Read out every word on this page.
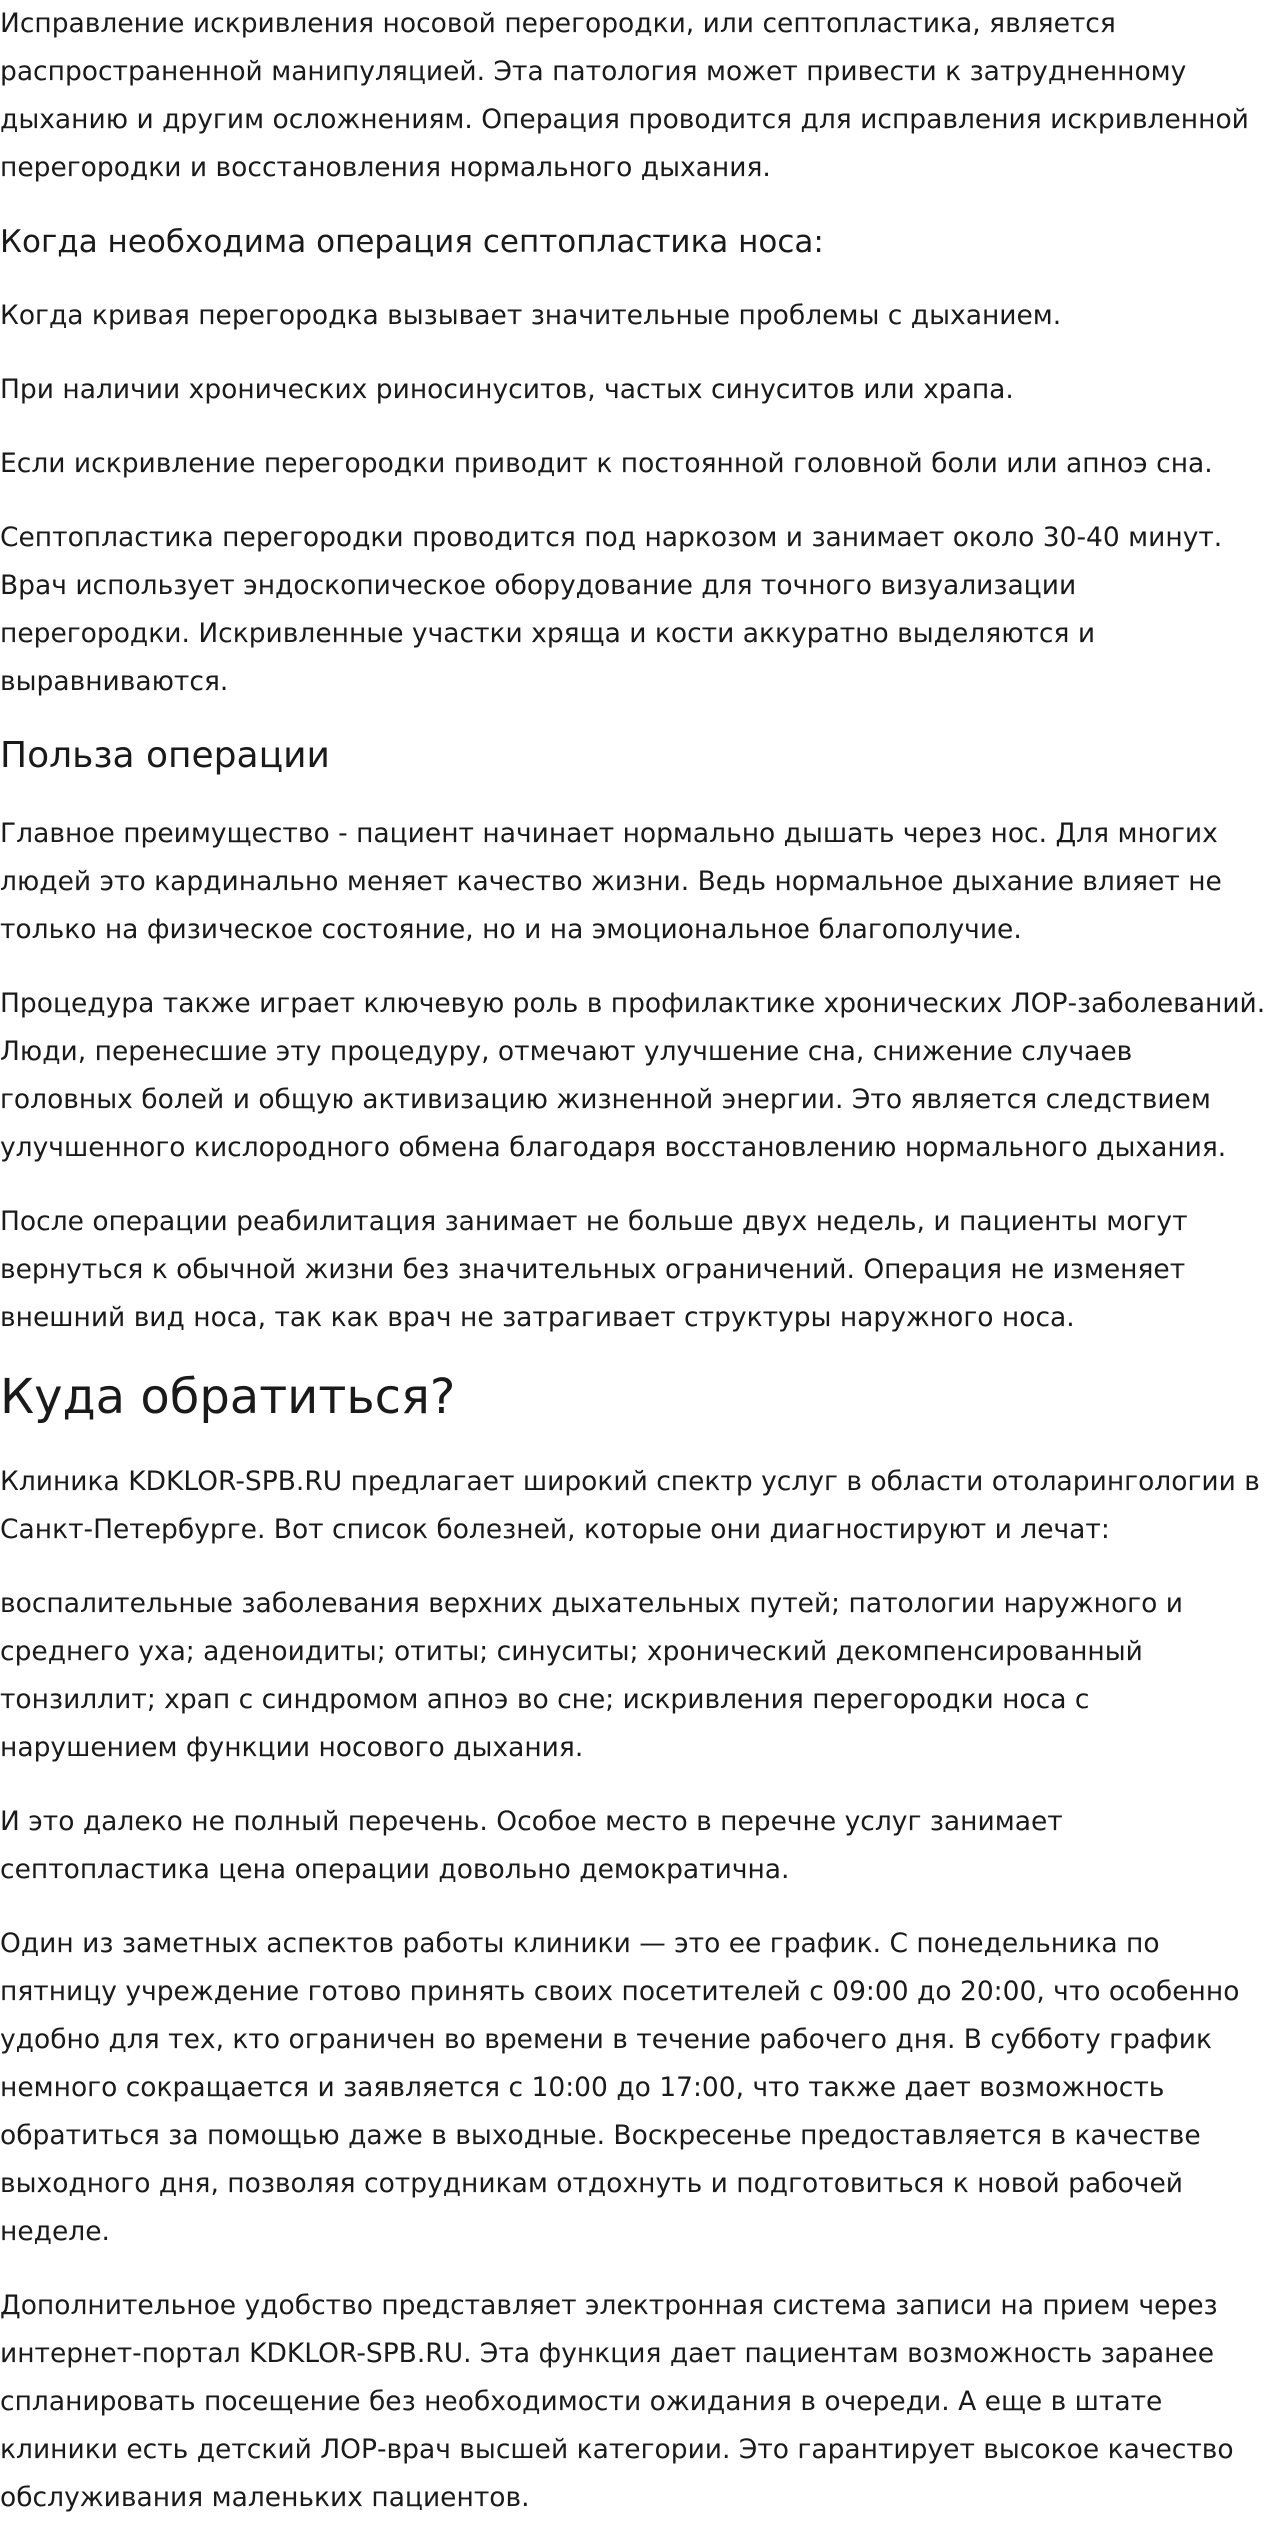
Исправление искривления носовой перегородки, или септопластика, является распространенной манипуляцией. Эта патология может привести к затрудненному дыханию и другим осложнениям. Операция проводится для исправления искривленной перегородки и восстановления нормального дыхания.

Когда необходима операция септопластика носа:

Когда кривая перегородка вызывает значительные проблемы с дыханием.

При наличии хронических риносинуситов, частых синуситов или храпа.

Если искривление перегородки приводит к постоянной головной боли или апноэ сна.

Септопластика перегородки проводится под наркозом и занимает около 30-40 минут. Врач использует эндоскопическое оборудование для точного визуализации перегородки. Искривленные участки хряща и кости аккуратно выделяются и выравниваются.

Польза операции

Главное преимущество - пациент начинает нормально дышать через нос. Для многих людей это кардинально меняет качество жизни. Ведь нормальное дыхание влияет не только на физическое состояние, но и на эмоциональное благополучие.

Процедура также играет ключевую роль в профилактике хронических ЛОР-заболеваний. Люди, перенесшие эту процедуру, отмечают улучшение сна, снижение случаев головных болей и общую активизацию жизненной энергии. Это является следствием улучшенного кислородного обмена благодаря восстановлению нормального дыхания.

После операции реабилитация занимает не больше двух недель, и пациенты могут вернуться к обычной жизни без значительных ограничений. Операция не изменяет внешний вид носа, так как врач не затрагивает структуры наружного носа.

Куда обратиться?

Клиника KDKLOR-SPB.RU предлагает широкий спектр услуг в области отоларингологии в Санкт-Петербурге. Вот список болезней, которые они диагностируют и лечат:

воспалительные заболевания верхних дыхательных путей; патологии наружного и среднего уха; аденоидиты; отиты; синуситы; хронический декомпенсированный тонзиллит; храп с синдромом апноэ во сне; искривления перегородки носа с нарушением функции носового дыхания.

И это далеко не полный перечень. Особое место в перечне услуг занимает септопластика цена операции довольно демократична.

Один из заметных аспектов работы клиники — это ее график. С понедельника по пятницу учреждение готово принять своих посетителей с 09:00 до 20:00, что особенно удобно для тех, кто ограничен во времени в течение рабочего дня. В субботу график немного сокращается и заявляется с 10:00 до 17:00, что также дает возможность обратиться за помощью даже в выходные. Воскресенье предоставляется в качестве выходного дня, позволяя сотрудникам отдохнуть и подготовиться к новой рабочей неделе.

Дополнительное удобство представляет электронная система записи на прием через интернет-портал KDKLOR-SPB.RU. Эта функция дает пациентам возможность заранее спланировать посещение без необходимости ожидания в очереди. А еще в штате клиники есть детский ЛОР-врач высшей категории. Это гарантирует высокое качество обслуживания маленьких пациентов.
